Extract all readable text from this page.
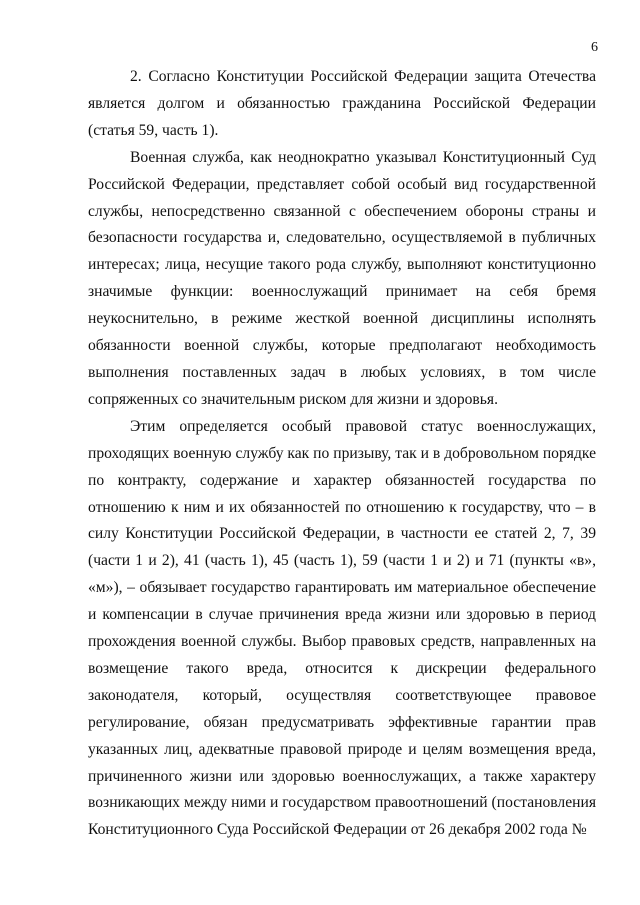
6

2. Согласно Конституции Российской Федерации защита Отечества является долгом и обязанностью гражданина Российской Федерации (статья 59, часть 1).

Военная служба, как неоднократно указывал Конституционный Суд Российской Федерации, представляет собой особый вид государственной службы, непосредственно связанной с обеспечением обороны страны и безопасности государства и, следовательно, осуществляемой в публичных интересах; лица, несущие такого рода службу, выполняют конституционно значимые функции: военнослужащий принимает на себя бремя неукоснительно, в режиме жесткой военной дисциплины исполнять обязанности военной службы, которые предполагают необходимость выполнения поставленных задач в любых условиях, в том числе сопряженных со значительным риском для жизни и здоровья.

Этим определяется особый правовой статус военнослужащих, проходящих военную службу как по призыву, так и в добровольном порядке по контракту, содержание и характер обязанностей государства по отношению к ним и их обязанностей по отношению к государству, что – в силу Конституции Российской Федерации, в частности ее статей 2, 7, 39 (части 1 и 2), 41 (часть 1), 45 (часть 1), 59 (части 1 и 2) и 71 (пункты «в», «м»), – обязывает государство гарантировать им материальное обеспечение и компенсации в случае причинения вреда жизни или здоровью в период прохождения военной службы. Выбор правовых средств, направленных на возмещение такого вреда, относится к дискреции федерального законодателя, который, осуществляя соответствующее правовое регулирование, обязан предусматривать эффективные гарантии прав указанных лиц, адекватные правовой природе и целям возмещения вреда, причиненного жизни или здоровью военнослужащих, а также характеру возникающих между ними и государством правоотношений (постановления Конституционного Суда Российской Федерации от 26 декабря 2002 года №
